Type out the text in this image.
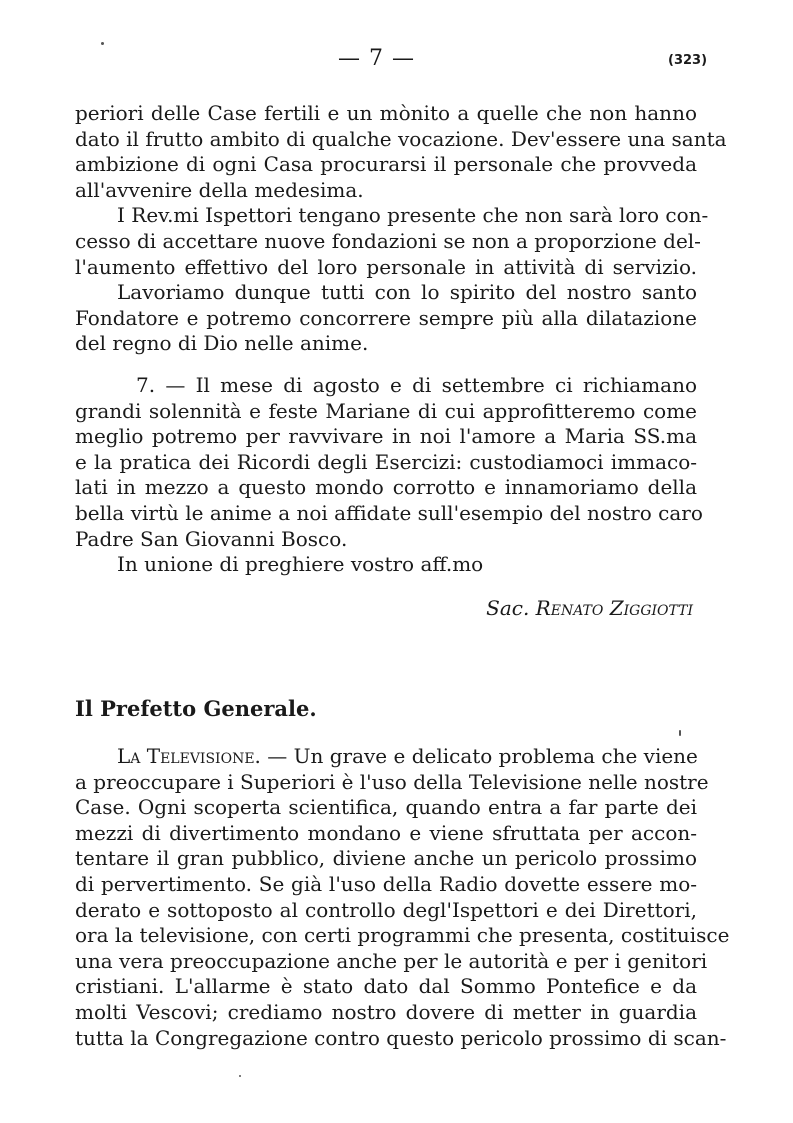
— 7 —	(323)
periori delle Case fertili e un mònito a quelle che non hanno
dato il frutto ambito di qualche vocazione. Dev'essere una santa
ambizione di ogni Casa procurarsi il personale che provveda
all'avvenire della medesima.
I Rev.mi Ispettori tengano presente che non sarà loro con-
cesso di accettare nuove fondazioni se non a proporzione del-
l'aumento effettivo del loro personale in attività di servizio.
Lavoriamo dunque tutti con lo spirito del nostro santo
Fondatore e potremo concorrere sempre più alla dilatazione
del regno di Dio nelle anime.
7. — Il mese di agosto e di settembre ci richiamano
grandi solennità e feste Mariane di cui approfitteremo come
meglio potremo per ravvivare in noi l'amore a Maria SS.ma
e la pratica dei Ricordi degli Esercizi: custodiamoci immaco-
lati in mezzo a questo mondo corrotto e innamoriamo della
bella virtù le anime a noi affidate sull'esempio del nostro caro
Padre San Giovanni Bosco.
In unione di preghiere vostro aff.mo
Sac. Renato Ziggiotti
Il Prefetto Generale.
La Televisione. — Un grave e delicato problema che viene
a preoccupare i Superiori è l'uso della Televisione nelle nostre
Case. Ogni scoperta scientifica, quando entra a far parte dei
mezzi di divertimento mondano e viene sfruttata per accon-
tentare il gran pubblico, diviene anche un pericolo prossimo
di pervertimento. Se già l'uso della Radio dovette essere mo-
derato e sottoposto al controllo degl'Ispettori e dei Direttori,
ora la televisione, con certi programmi che presenta, costituisce
una vera preoccupazione anche per le autorità e per i genitori
cristiani. L'allarme è stato dato dal Sommo Pontefice e da
molti Vescovi; crediamo nostro dovere di metter in guardia
tutta la Congregazione contro questo pericolo prossimo di scan-
